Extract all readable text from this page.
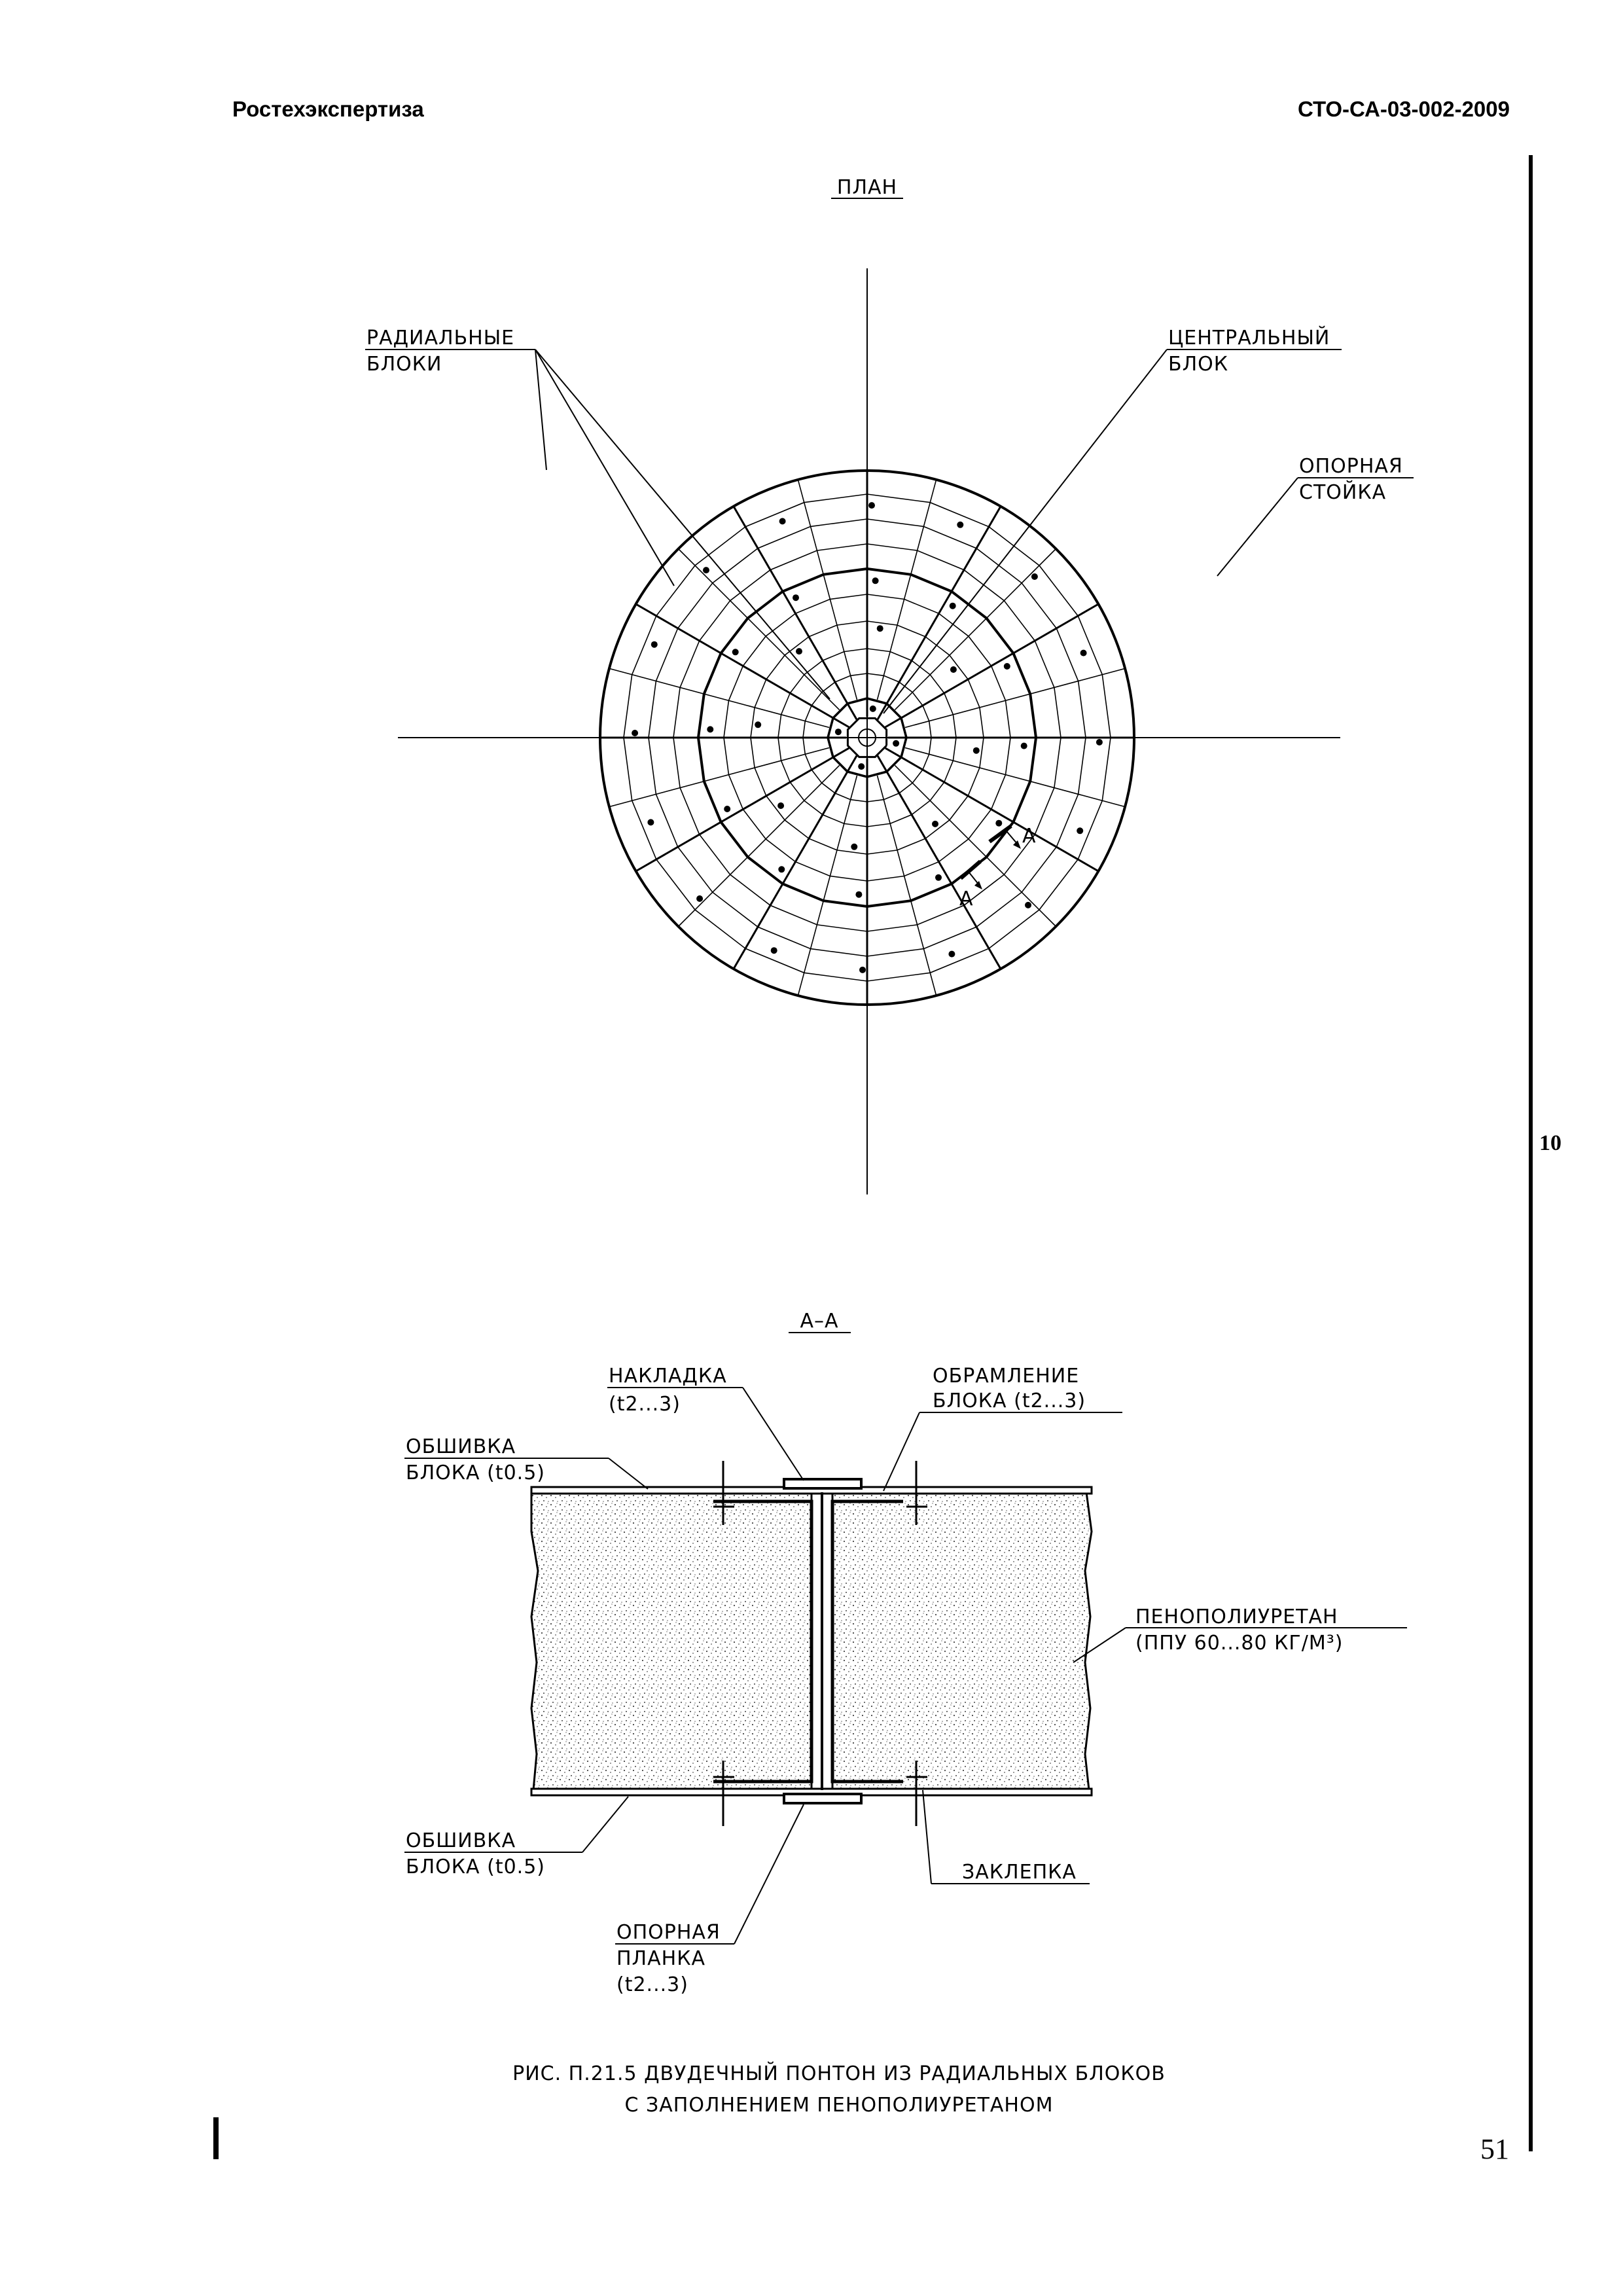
Ростехэкспертиза	СТО-СА-03-002-2009
10
51
ПЛАН
РАДИАЛЬНЫЕ
БЛОКИ
ЦЕНТРАЛЬНЫЙ
БЛОК
ОПОРНАЯ
СТОЙКА
А
А
А–А
НАКЛАДКА
(t2...3)
ОБРАМЛЕНИЕ
БЛОКА (t2...3)
ОБШИВКА
БЛОКА (t0.5)
ПЕНОПОЛИУРЕТАН
(ППУ 60...80 КГ/М³)
ОБШИВКА
БЛОКА (t0.5)	ЗАКЛЕПКА
ОПОРНАЯ
ПЛАНКА
(t2...3)
РИС. П.21.5 ДВУДЕЧНЫЙ ПОНТОН ИЗ РАДИАЛЬНЫХ БЛОКОВ
С ЗАПОЛНЕНИЕМ ПЕНОПОЛИУРЕТАНОМ
